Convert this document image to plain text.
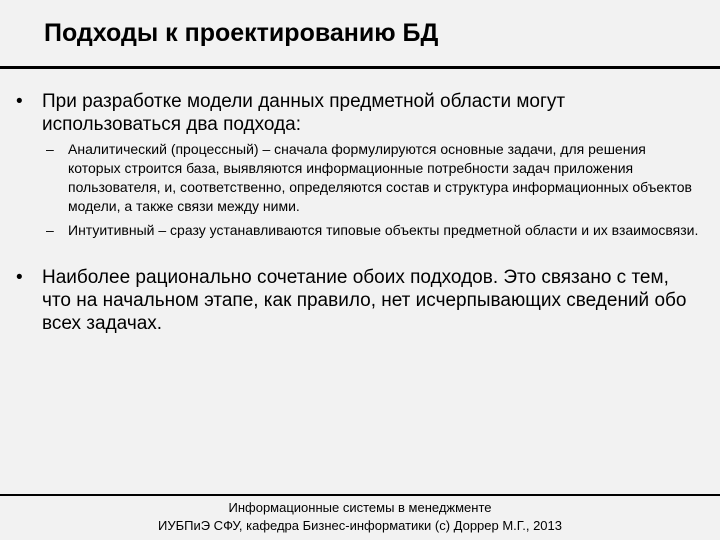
Подходы к проектированию БД
• При разработке модели данных предметной области могут использоваться два подхода:
– Аналитический (процессный) – сначала формулируются основные задачи, для решения которых строится база, выявляются информационные потребности задач приложения пользователя, и, соответственно, определяются состав и структура информационных объектов модели, а также связи между ними.
– Интуитивный – сразу устанавливаются типовые объекты предметной области и их взаимосвязи.
• Наиболее рационально сочетание обоих подходов. Это связано с тем, что на начальном этапе, как правило, нет исчерпывающих сведений обо всех задачах.
Информационные системы в менеджменте
ИУБПиЭ СФУ, кафедра Бизнес-информатики (с) Доррер М.Г., 2013
